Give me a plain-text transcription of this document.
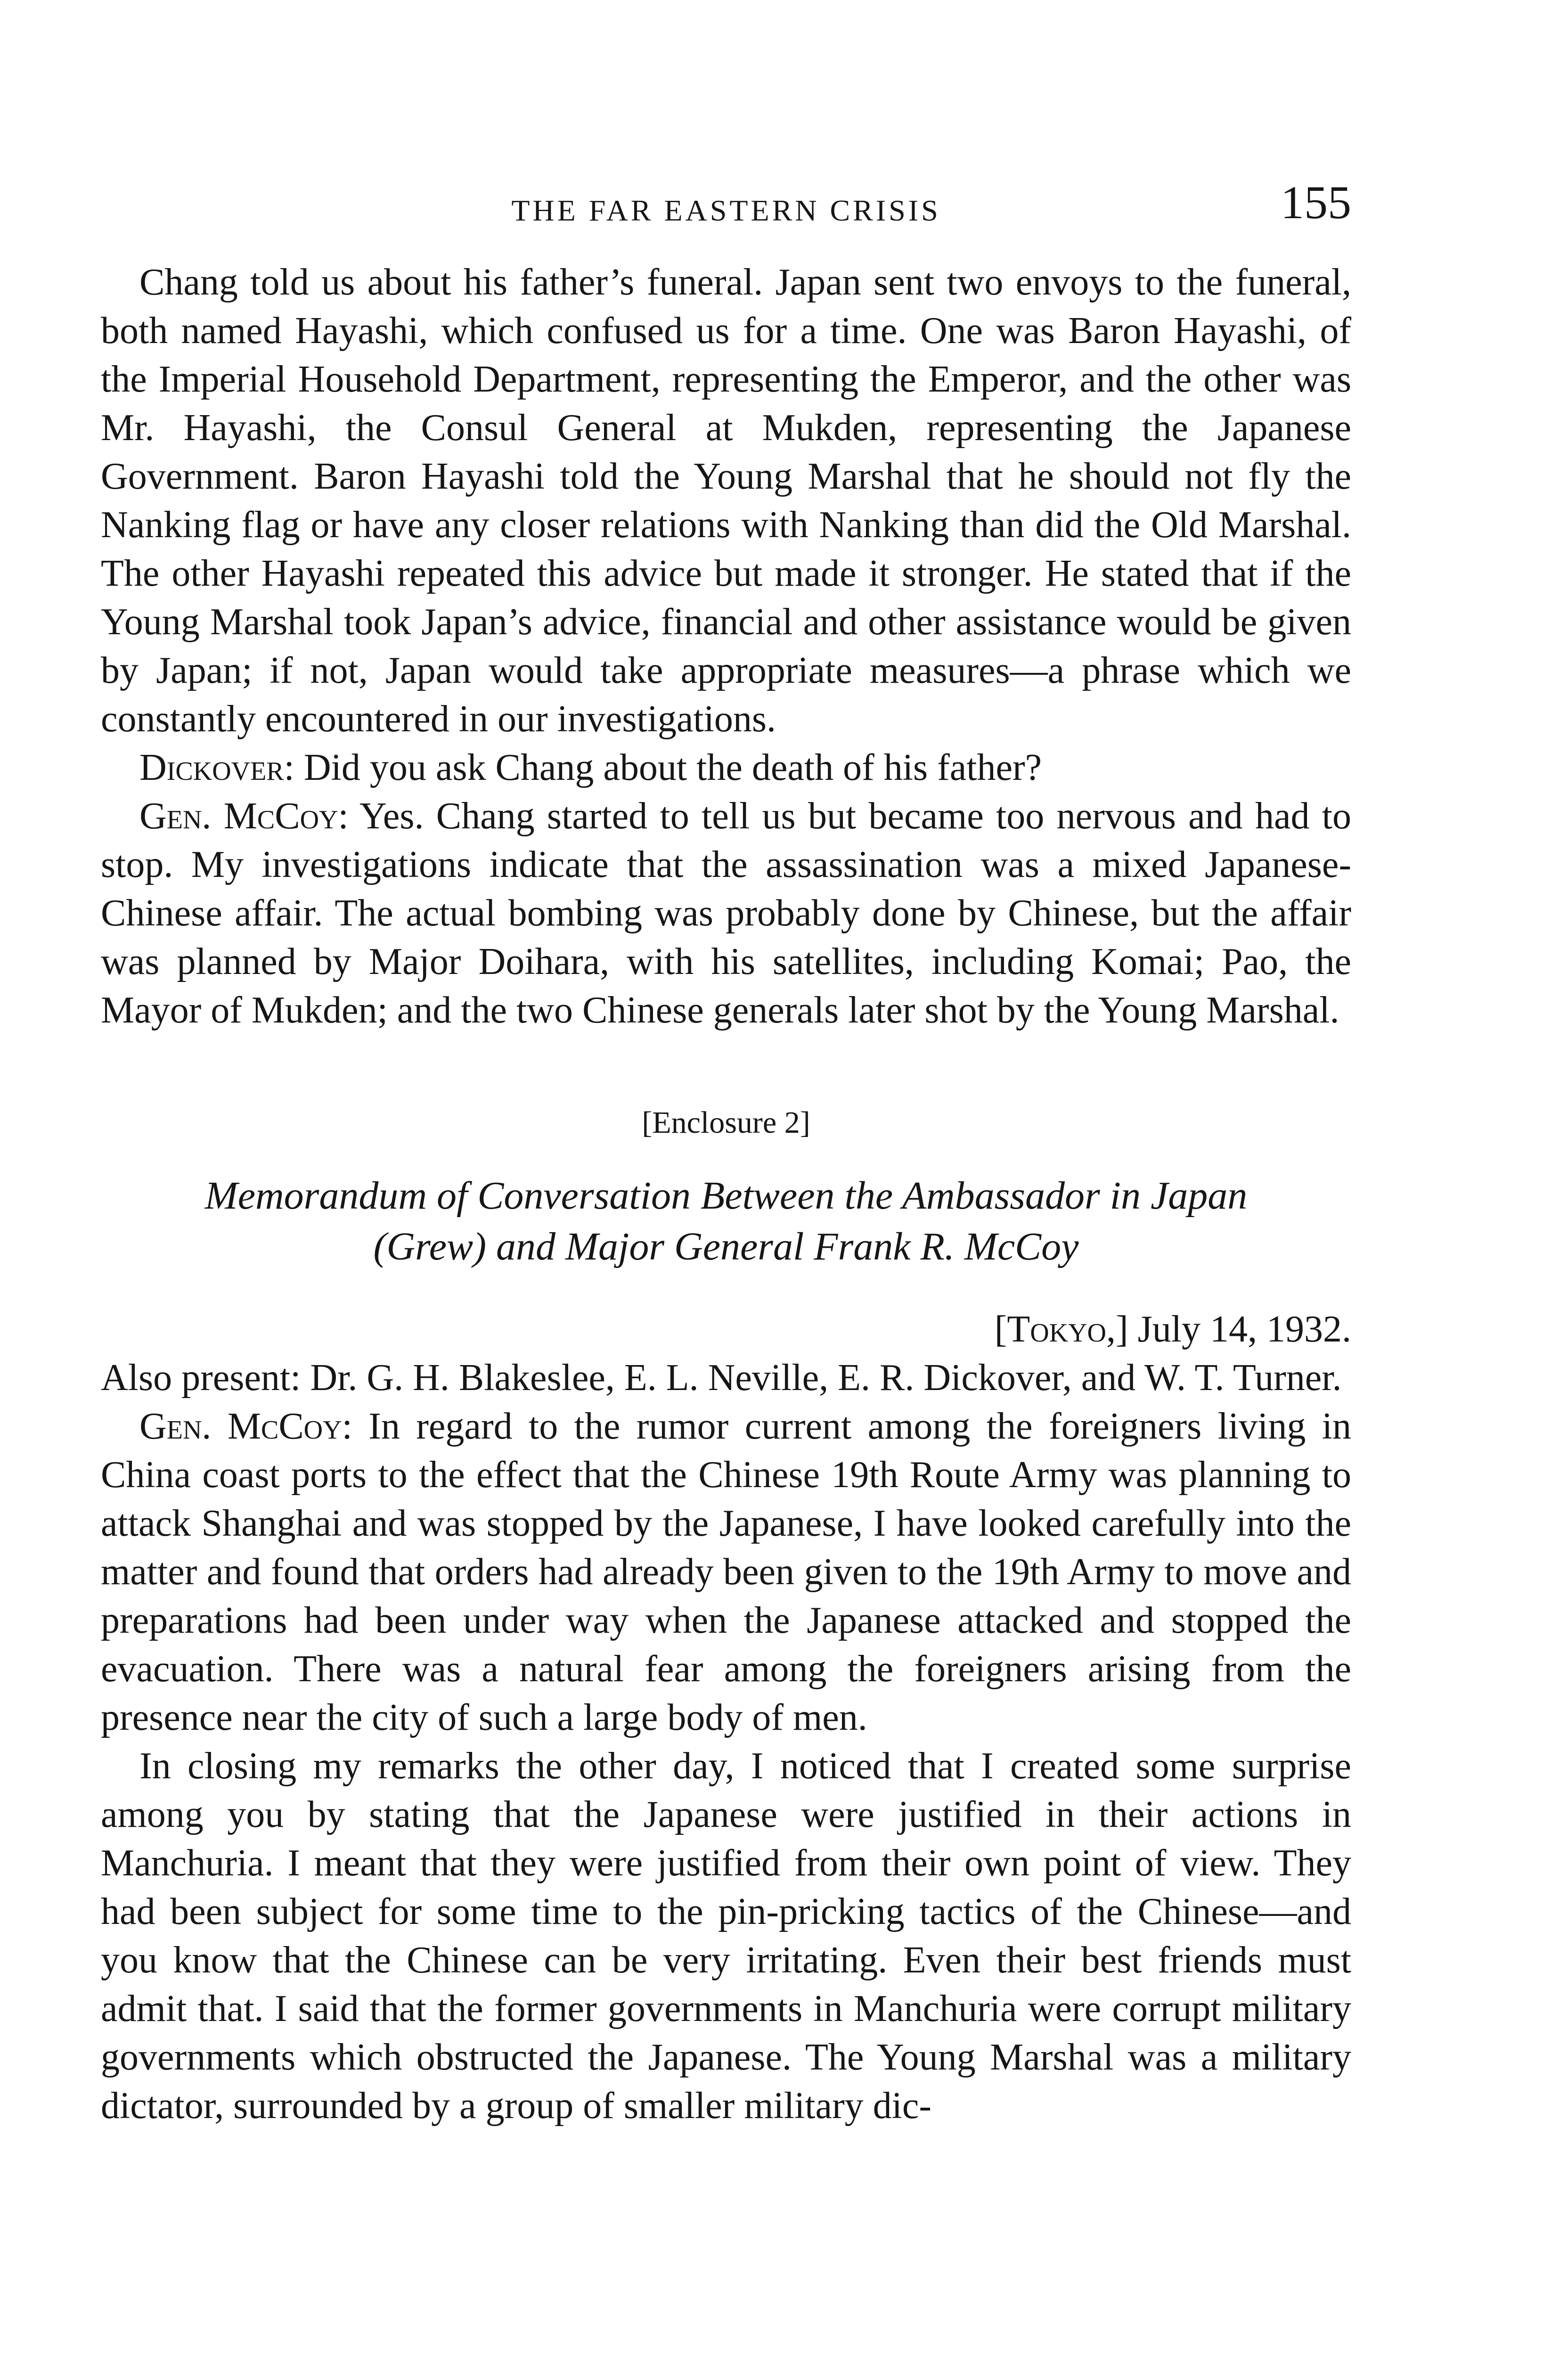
THE FAR EASTERN CRISIS	155

Chang told us about his father’s funeral. Japan sent two envoys to the funeral, both named Hayashi, which confused us for a time. One was Baron Hayashi, of the Imperial Household Department, representing the Emperor, and the other was Mr. Hayashi, the Consul General at Mukden, representing the Japanese Government. Baron Hayashi told the Young Marshal that he should not fly the Nanking flag or have any closer relations with Nanking than did the Old Marshal. The other Hayashi repeated this advice but made it stronger. He stated that if the Young Marshal took Japan’s advice, financial and other assistance would be given by Japan; if not, Japan would take appropriate measures—a phrase which we constantly encountered in our investigations.

Dickover: Did you ask Chang about the death of his father?

Gen. McCoy: Yes. Chang started to tell us but became too nervous and had to stop. My investigations indicate that the assassination was a mixed Japanese-Chinese affair. The actual bombing was probably done by Chinese, but the affair was planned by Major Doihara, with his satellites, including Komai; Pao, the Mayor of Mukden; and the two Chinese generals later shot by the Young Marshal.

[Enclosure 2]
Memorandum of Conversation Between the Ambassador in Japan
(Grew) and Major General Frank R. McCoy
[Tokyo,] July 14, 1932.

Also present: Dr. G. H. Blakeslee, E. L. Neville, E. R. Dickover, and W. T. Turner.

Gen. McCoy: In regard to the rumor current among the foreigners living in China coast ports to the effect that the Chinese 19th Route Army was planning to attack Shanghai and was stopped by the Japanese, I have looked carefully into the matter and found that orders had already been given to the 19th Army to move and preparations had been under way when the Japanese attacked and stopped the evacuation. There was a natural fear among the foreigners arising from the presence near the city of such a large body of men.

In closing my remarks the other day, I noticed that I created some surprise among you by stating that the Japanese were justified in their actions in Manchuria. I meant that they were justified from their own point of view. They had been subject for some time to the pin-pricking tactics of the Chinese—and you know that the Chinese can be very irritating. Even their best friends must admit that. I said that the former governments in Manchuria were corrupt military governments which obstructed the Japanese. The Young Marshal was a military dictator, surrounded by a group of smaller military dic-
